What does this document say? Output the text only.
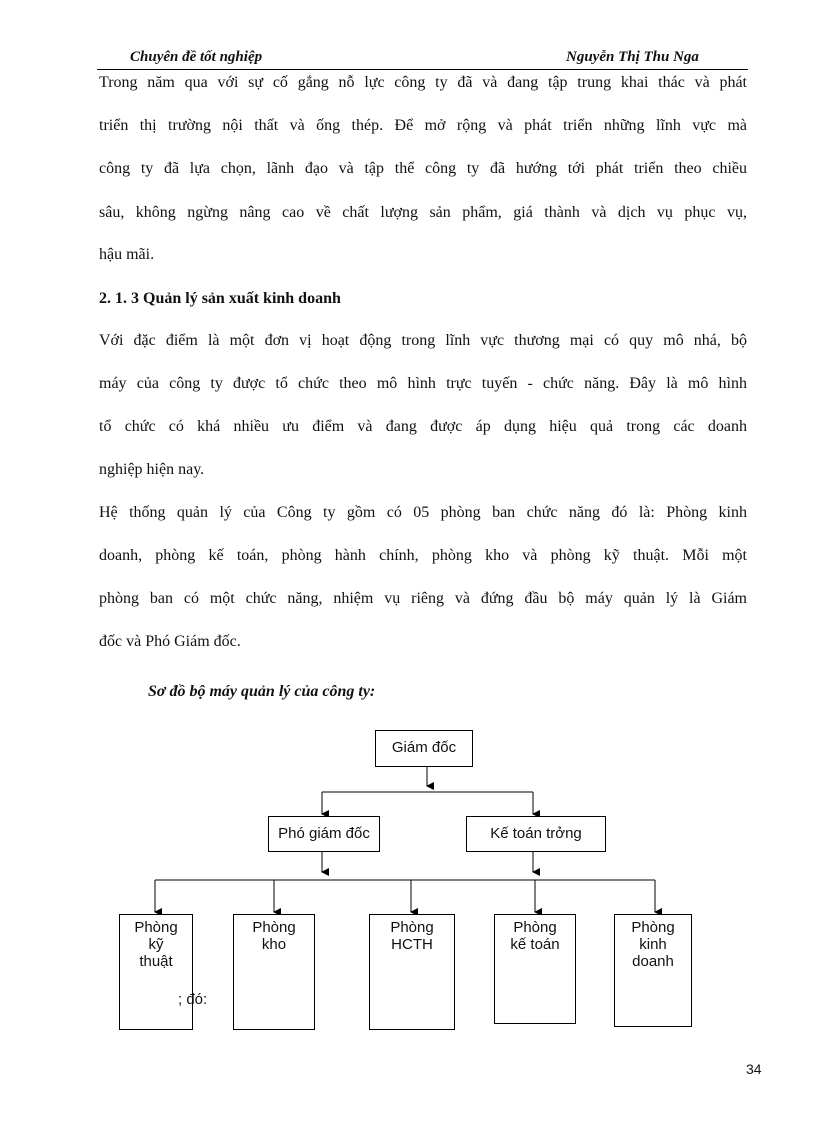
Chuyên đề tốt nghiệp	Nguyễn Thị Thu Nga
Trong năm qua với sự cố gắng nỗ lực công ty đã và đang tập trung khai thác và phát
triển thị trường nội thất và ống thép. Để mở rộng và phát triển những lĩnh vực mà
công ty đã lựa chọn, lãnh đạo và tập thể công ty đã hướng tới phát triển theo chiều
sâu, không ngừng nâng cao về chất lượng sản phẩm, giá thành và dịch vụ phục vụ,
hậu mãi.
2. 1. 3 Quản lý sản xuất kinh doanh
Với đặc điểm là một đơn vị hoạt động trong lĩnh vực thương mại có quy mô nhá, bộ
máy của công ty được tổ chức theo mô hình trực tuyến - chức năng. Đây là mô hình
tổ chức có khá nhiều ưu điểm và đang được áp dụng hiệu quả trong các doanh
nghiệp hiện nay.
Hệ thống quản lý của Công ty gồm có 05 phòng ban chức năng đó là: Phòng kinh
doanh, phòng kế toán, phòng hành chính, phòng kho và phòng kỹ thuật. Mỗi một
phòng ban có một chức năng, nhiệm vụ riêng và đứng đầu bộ máy quản lý là Giám
đốc và Phó Giám đốc.
Sơ đồ bộ máy quản lý của công ty:
Giám đốc
Phó giám đốc	Kế toán trởng
Phòng
kỹ
thuật
Phòng
kho
Phòng
HCTH
Phòng
kế toán
Phòng
kinh
doanh
; đó:
34
